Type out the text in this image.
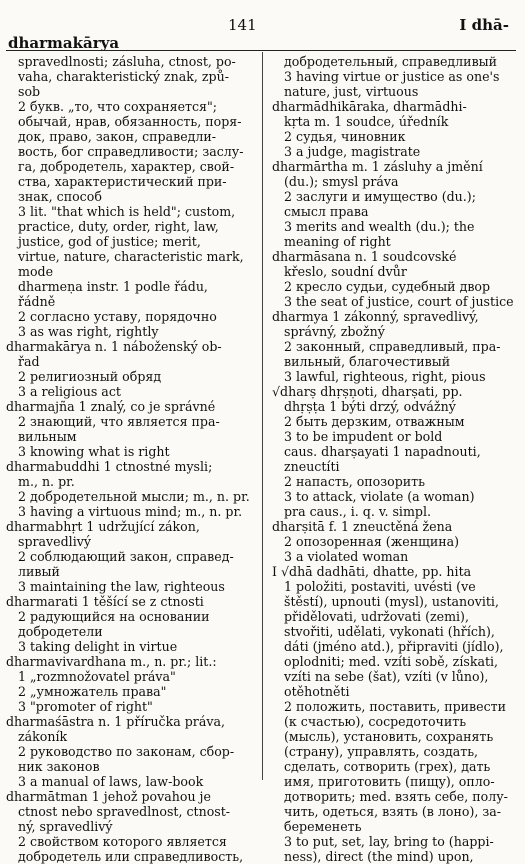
dharmakārya
141	I dhā-
spravedlnosti; zásluha, ctnost, po-
vaha, charakteristický znak, způ-
sob
2 букв. „то, что сохраняется";
обычай, нрав, обязанность, поря-
док, право, закон, справедли-
вость, бог справедливости; заслу-
га, добродетель, характер, свой-
ства, характеристический при-
знак, способ
3 lit. "that which is held"; custom,
practice, duty, order, right, law,
justice, god of justice; merit,
virtue, nature, characteristic mark,
mode
dharmeṇa instr. 1 podle řádu,
řádně
2 согласно уставу, порядочно
3 as was right, rightly
dharmakārya n. 1 náboženský ob-
řad
2 религиозный обряд
3 a religious act
dharmajña 1 znalý, co je správné
2 знающий, что является пра-
вильным
3 knowing what is right
dharmabuddhi 1 ctnostné mysli;
m., n. pr.
2 добродетельной мысли; m., n. pr.
3 having a virtuous mind; m., n. pr.
dharmabhṛt 1 udržující zákon,
spravedlivý
2 соблюдающий закон, справед-
ливый
3 maintaining the law, righteous
dharmarati 1 těšící se z ctnosti
2 радующийся на основании
добродетели
3 taking delight in virtue
dharmavivardhana m., n. pr.; lit.:
1 „rozmnožovatel práva"
2 „умножатель права"
3 "promoter of right"
dharmaśāstra n. 1 příručka práva,
zákoník
2 руководство по законам, сбор-
ник законов
3 a manual of laws, law-book
dharmātman 1 jehož povahou je
ctnost nebo spravedlnost, ctnost-
ný, spravedlivý
2 свойством которого является
добродетель или справедливость,
добродетельный, справедливый
3 having virtue or justice as one's
nature, just, virtuous
dharmādhikāraka, dharmādhi-
kṛta m. 1 soudce, úředník
2 судья, чиновник
3 a judge, magistrate
dharmārtha m. 1 zásluhy a jmění
(du.); smysl práva
2 заслуги и имущество (du.);
смысл права
3 merits and wealth (du.); the
meaning of right
dharmāsana n. 1 soudcovské
křeslo, soudní dvůr
2 кресло судьи, судебный двор
3 the seat of justice, court of justice
dharmya 1 zákonný, spravedlivý,
správný, zbožný
2 законный, справедливый, пра-
вильный, благочестивый
3 lawful, righteous, right, pious
√dharṣ dhṛṣṇoti, dharṣati, pp.
dhṛṣṭa 1 býti drzý, odvážný
2 быть дерзким, отважным
3 to be impudent or bold
caus. dharṣayati 1 napadnouti,
zneuctíti
2 напасть, опозорить
3 to attack, violate (a woman)
pra caus., i. q. v. simpl.
dharṣitā f. 1 zneuctěná žena
2 опозоренная (женщина)
3 a violated woman
I √dhā dadhāti, dhatte, pp. hita
1 položiti, postaviti, uvésti (ve
štěstí), upnouti (mysl), ustanoviti,
přidělovati, udržovati (zemi),
stvořiti, udělati, vykonati (hřích),
dáti (jméno atd.), připraviti (jídlo),
oplodniti; med. vzíti sobě, získati,
vzíti na sebe (šat), vzíti (v lůno),
otěhotněti
2 положить, поставить, привести
(к счастью), сосредоточить
(мысль), установить, сохранять
(страну), управлять, создать,
сделать, сотворить (грех), дать
имя, приготовить (пищу), оплo-
дотворить; med. взять себе, полу-
чить, одеться, взять (в лоно), за-
беременеть
3 to put, set, lay, bring to (happi-
ness), direct (the mind) upon,
